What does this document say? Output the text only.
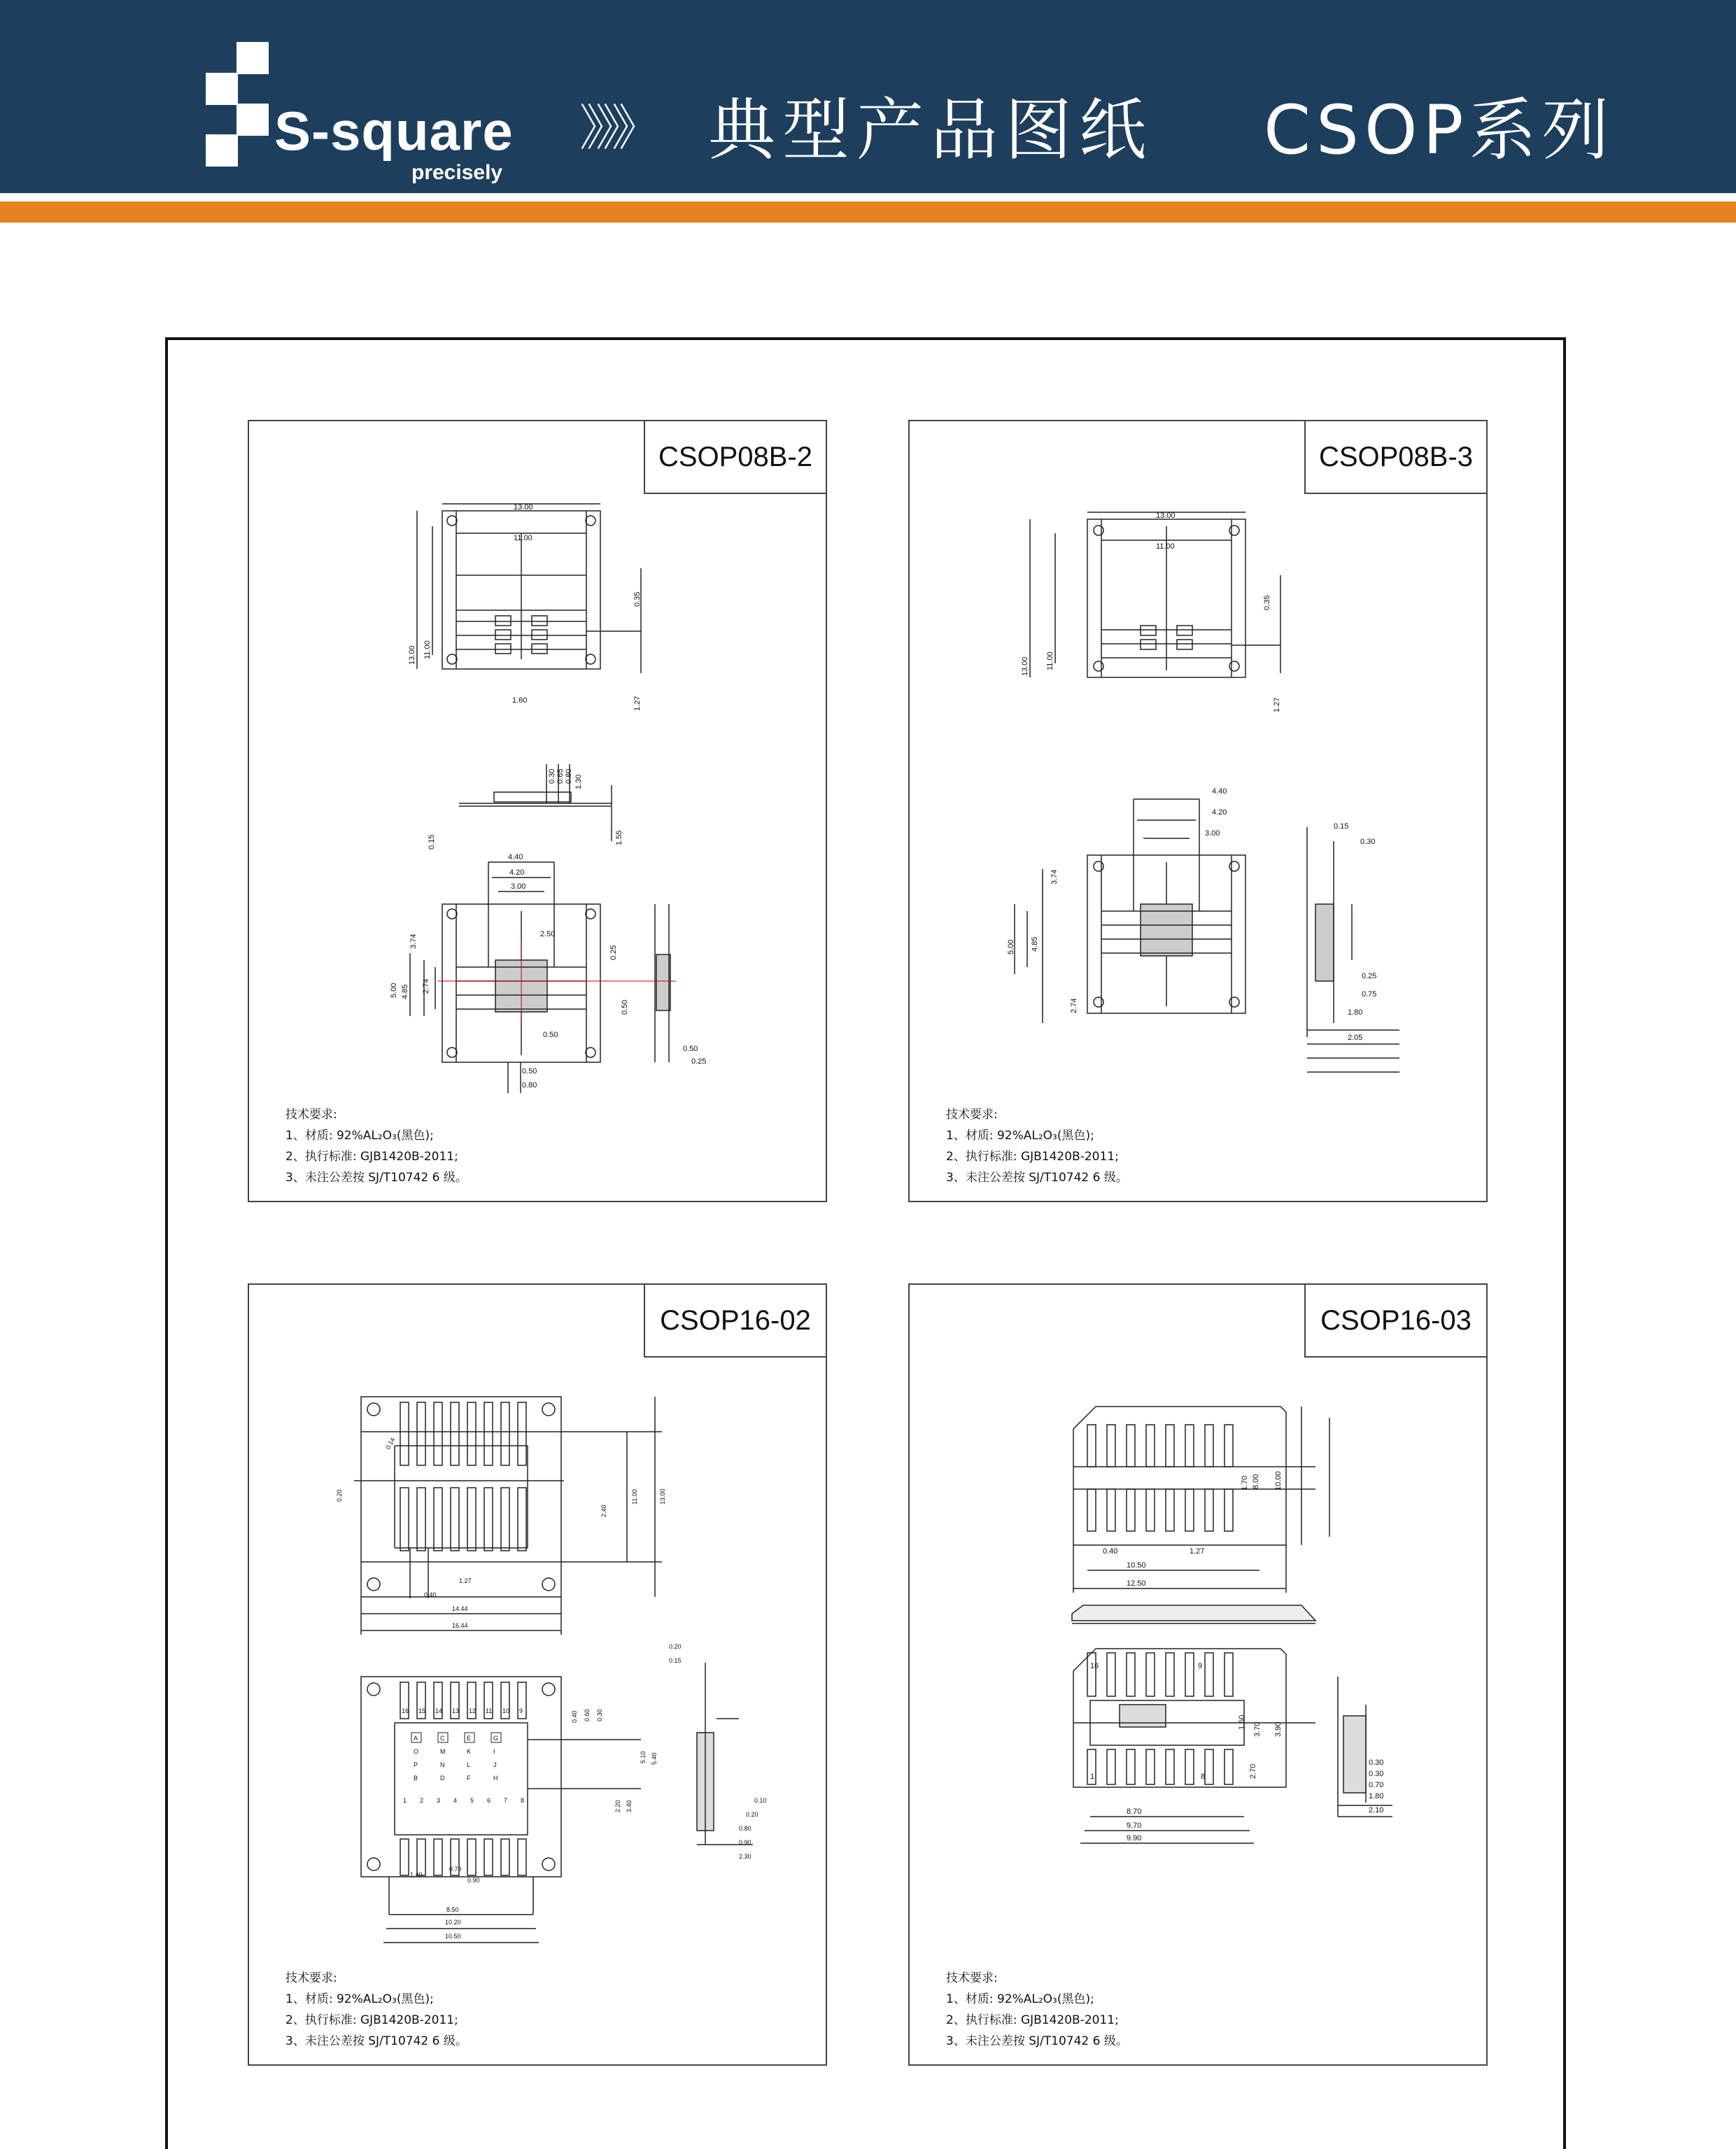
S-square
precisely
》》》 典型产品图纸 CSOP系列
13.00
11.00
13.00 11.00
0.35
1.27
1.60
0.30 0.65 0.80 1.30
0.15	1.55
4.40
4.20
3.00
2.50
3.74
5.00 4.85 2.74
0.25
0.50
0.50
0.50
0.25
0.50
0.80
CSOP08B-2
技术要求:
1、材质: 92%AL₂O₃(黑色);
2、执行标准: GJB1420B-2011;
3、未注公差按 SJ/T10742 6 级。
13.00
11.00
13.00 11.00
0.35
1.27
4.40
4.20
3.00
3.74
5.00 4.85
2.74
0.15
0.30
0.25
0.75
1.80
2.05
CSOP08B-3
技术要求:
1、材质: 92%AL₂O₃(黑色);
2、执行标准: GJB1420B-2011;
3、未注公差按 SJ/T10742 6 级。
A	C	E	G
O	M	K	I
P	N	L	J
B	D	F	H
16 15 14 13 12 11 10 9
1 2 3 4 5 6 7 8
0.14
0.20
1.27
0.40
14.44
16.44
2.40
11.00	13.00
0.20
0.15
0.40 0.60 0.30
5.10 5.40
2.20 3.40	0.10
0.20
0.80
0.90
2.30
1.40
0.70
0.90
8.50
10.20
10.50
CSOP16-02
技术要求:
1、材质: 92%AL₂O₃(黑色);
2、执行标准: GJB1420B-2011;
3、未注公差按 SJ/T10742 6 级。
1.70 8.00 10.00
0.40	1.27
10.50
12.50
16	9
1	8
1.50 3.70 3.90
2.70
8.70
9.70
9.90
0.30
0.30
0.70
1.80
2.10
CSOP16-03
技术要求:
1、材质: 92%AL₂O₃(黑色);
2、执行标准: GJB1420B-2011;
3、未注公差按 SJ/T10742 6 级。
